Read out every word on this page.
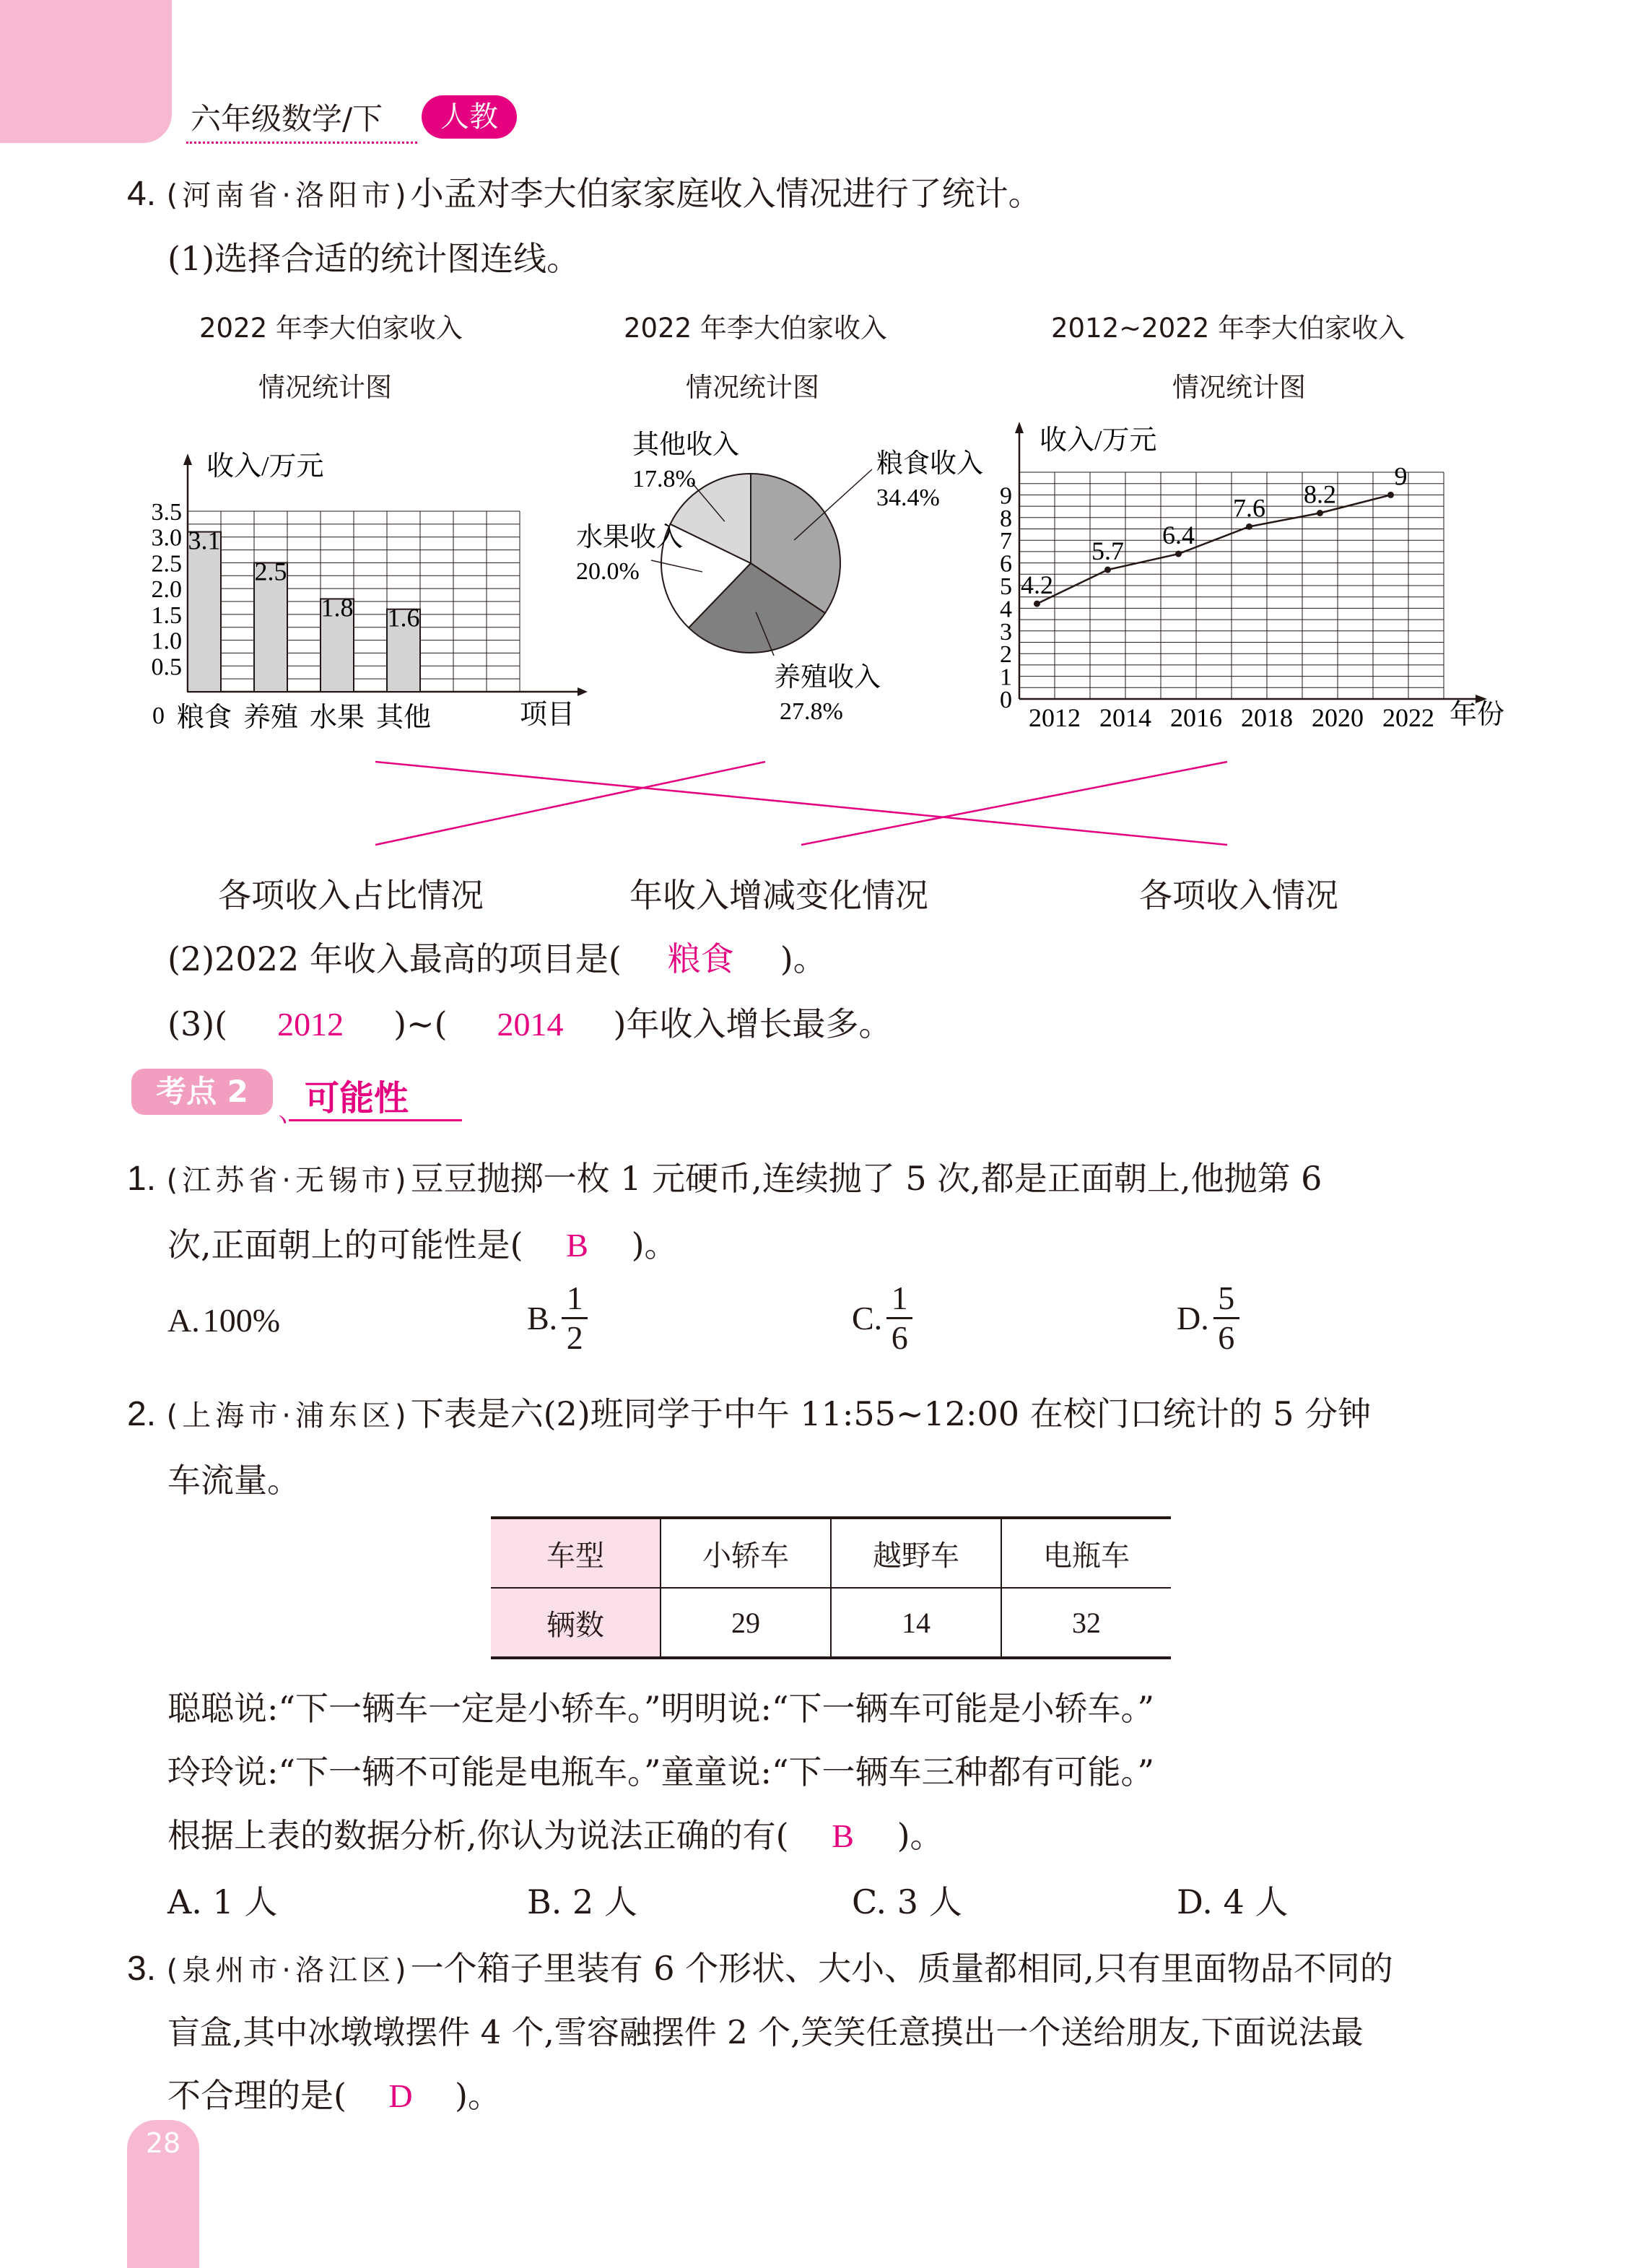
六年级数学/下	人教
4. (河南省·洛阳市)小孟对李大伯家家庭收入情况进行了统计。
(1)选择合适的统计图连线。
2022 年李大伯家收入
情况统计图
2022 年李大伯家收入
情况统计图
2012~2022 年李大伯家收入
情况统计图
收入/万元
项目
0
0.5
1.0
1.5
2.0
2.5
3.0
3.5
3.1
粮食
2.5
养殖
1.8
水果
1.6
其他
粮食收入
34.4%
养殖收入
27.8%
水果收入
20.0%
其他收入
17.8%
收入/万元
年份
0
1
2
3
4
5
6
7
8
9
2012 2014 2016 2018 2020 2022
4.2
5.7
6.4
7.6 8.2
9
各项收入占比情况	年收入增减变化情况	各项收入情况
(2)2022 年收入最高的项目是( 粮食 )。
(3)( 2012 )~( 2014 )年收入增长最多。
考点 2	可能性
ヽ
1. (江苏省·无锡市)豆豆抛掷一枚 1 元硬币,连续抛了 5 次,都是正面朝上,他抛第 6
次,正面朝上的可能性是( B )。
A.100%	B. $\frac{1}{2}$	C. $\frac{1}{6}$	D. $\frac{5}{6}$
2. (上海市·浦东区)下表是六(2)班同学于中午 11:55~12:00 在校门口统计的 5 分钟
车流量。
车型	小轿车	越野车	电瓶车
辆数	29	14	32
聪聪说:“下一辆车一定是小轿车。”明明说:“下一辆车可能是小轿车。”
玲玲说:“下一辆不可能是电瓶车。”童童说:“下一辆车三种都有可能。”
根据上表的数据分析,你认为说法正确的有( B )。
A. 1 人	B. 2 人	C. 3 人	D. 4 人
3. (泉州市·洛江区)一个箱子里装有 6 个形状、大小、质量都相同,只有里面物品不同的
盲盒,其中冰墩墩摆件 4 个,雪容融摆件 2 个,笑笑任意摸出一个送给朋友,下面说法最
不合理的是( D )。
28
